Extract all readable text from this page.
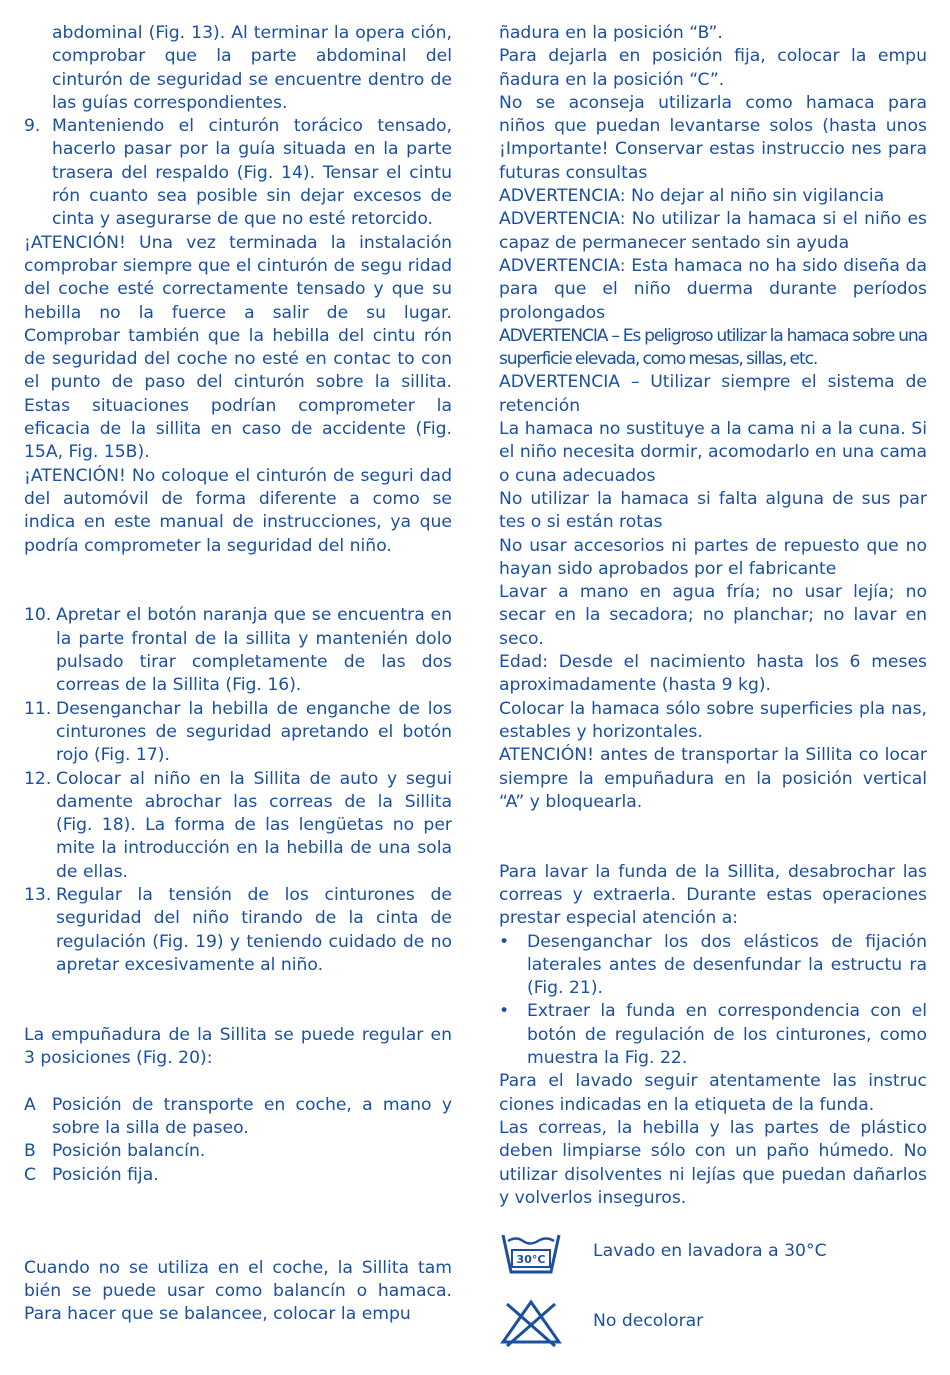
abdominal (Fig. 13). Al terminar la opera ción, comprobar que la parte abdominal del cinturón de seguridad se encuentre dentro de las guías correspondientes.

9. Manteniendo el cinturón torácico tensado, hacerlo pasar por la guía situada en la parte trasera del respaldo (Fig. 14). Tensar el cintu rón cuanto sea posible sin dejar excesos de cinta y asegurarse de que no esté retorcido.

¡ATENCIÓN! Una vez terminada la instalación comprobar siempre que el cinturón de segu ridad del coche esté correctamente tensado y que su hebilla no la fuerce a salir de su lugar. Comprobar también que la hebilla del cintu rón de seguridad del coche no esté en contac to con el punto de paso del cinturón sobre la sillita. Estas situaciones podrían comprometer la eficacia de la sillita en caso de accidente (Fig. 15A, Fig. 15B).

¡ATENCIÓN! No coloque el cinturón de seguri dad del automóvil de forma diferente a como se indica en este manual de instrucciones, ya que podría comprometer la seguridad del niño.

10. Apretar el botón naranja que se encuentra en la parte frontal de la sillita y mantenién dolo pulsado tirar completamente de las dos correas de la Sillita (Fig. 16).
11. Desenganchar la hebilla de enganche de los cinturones de seguridad apretando el botón rojo (Fig. 17).
12. Colocar al niño en la Sillita de auto y segui damente abrochar las correas de la Sillita (Fig. 18). La forma de las lengüetas no per mite la introducción en la hebilla de una sola de ellas.
13. Regular la tensión de los cinturones de seguridad del niño tirando de la cinta de regulación (Fig. 19) y teniendo cuidado de no apretar excesivamente al niño.

La empuñadura de la Sillita se puede regular en 3 posiciones (Fig. 20):

A Posición de transporte en coche, a mano y sobre la silla de paseo.
B Posición balancín.
C Posición fija.

Cuando no se utiliza en el coche, la Sillita tam bién se puede usar como balancín o hamaca. Para hacer que se balancee, colocar la empu

ñadura en la posición “B”.

Para dejarla en posición fija, colocar la empu ñadura en la posición “C”.

No se aconseja utilizarla como hamaca para niños que puedan levantarse solos (hasta unos ¡Importante! Conservar estas instruccio nes para futuras consultas

ADVERTENCIA: No dejar al niño sin vigilancia

ADVERTENCIA: No utilizar la hamaca si el niño es capaz de permanecer sentado sin ayuda

ADVERTENCIA: Esta hamaca no ha sido diseña da para que el niño duerma durante períodos prolongados

ADVERTENCIA – Es peligroso utilizar la hamaca sobre una superficie elevada, como mesas, sillas, etc.

ADVERTENCIA – Utilizar siempre el sistema de retención

La hamaca no sustituye a la cama ni a la cuna. Si el niño necesita dormir, acomodarlo en una cama o cuna adecuados

No utilizar la hamaca si falta alguna de sus par tes o si están rotas

No usar accesorios ni partes de repuesto que no hayan sido aprobados por el fabricante

Lavar a mano en agua fría; no usar lejía; no secar en la secadora; no planchar; no lavar en seco.

Edad: Desde el nacimiento hasta los 6 meses aproximadamente (hasta 9 kg).

Colocar la hamaca sólo sobre superficies pla nas, estables y horizontales.

ATENCIÓN! antes de transportar la Sillita co locar siempre la empuñadura en la posición vertical “A” y bloquearla.

Para lavar la funda de la Sillita, desabrochar las correas y extraerla. Durante estas operaciones prestar especial atención a:

•	Desenganchar los dos elásticos de fijación laterales antes de desenfundar la estructu ra (Fig. 21).
•	Extraer la funda en correspondencia con el botón de regulación de los cinturones, como muestra la Fig. 22.

Para el lavado seguir atentamente las instruc ciones indicadas en la etiqueta de la funda.

Las correas, la hebilla y las partes de plástico deben limpiarse sólo con un paño húmedo. No utilizar disolventes ni lejías que puedan dañarlos y volverlos inseguros.

30°C	Lavado en lavadora a 30°C
No decolorar
